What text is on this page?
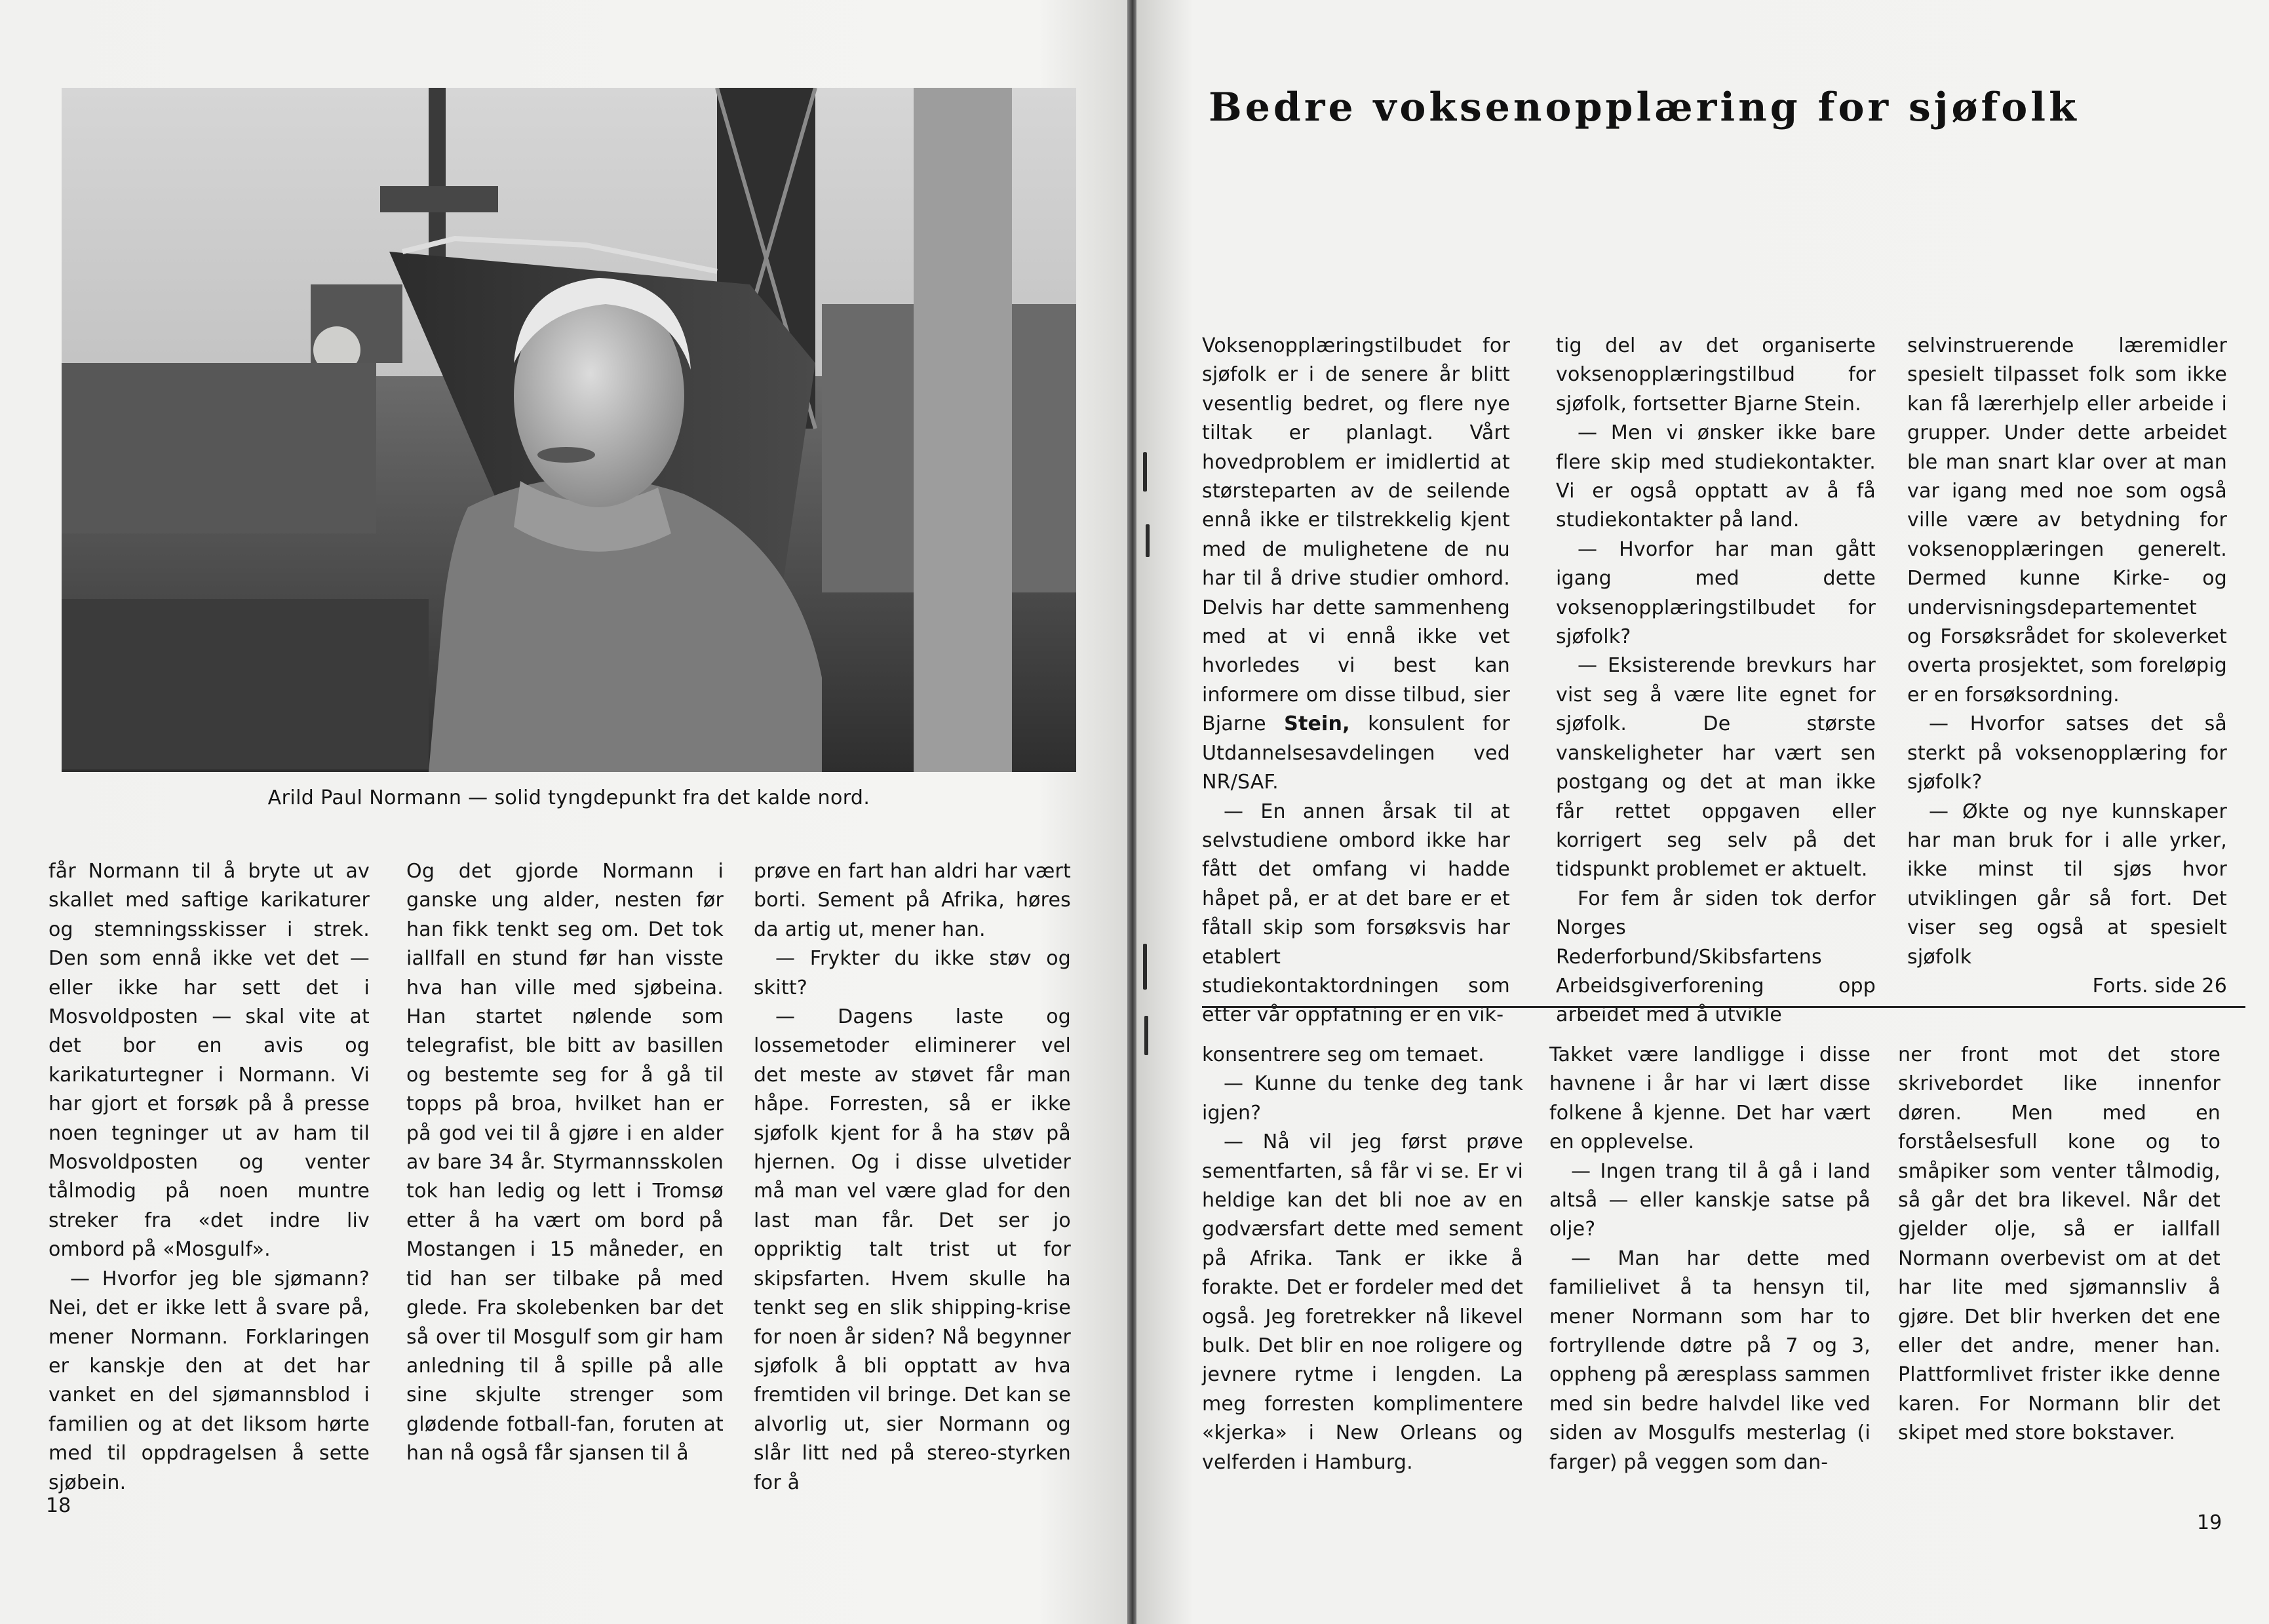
Arild Paul Normann — solid tyngdepunkt fra det kalde nord.

får Normann til å bryte ut av skallet med saftige karikaturer og stemningsskisser i strek. Den som ennå ikke vet det — eller ikke har sett det i Mosvoldposten — skal vite at det bor en avis og karikaturtegner i Normann. Vi har gjort et forsøk på å presse noen tegninger ut av ham til Mosvoldposten og venter tålmodig på noen muntre streker fra «det indre liv ombord på «Mosgulf».

— Hvorfor jeg ble sjømann? Nei, det er ikke lett å svare på, mener Normann. Forklaringen er kanskje den at det har vanket en del sjømannsblod i familien og at det liksom hørte med til oppdragelsen å sette sjøbein.

Og det gjorde Normann i ganske ung alder, nesten før han fikk tenkt seg om. Det tok iallfall en stund før han visste hva han ville med sjøbeina. Han startet nølende som telegrafist, ble bitt av basillen og bestemte seg for å gå til topps på broa, hvilket han er på god vei til å gjøre i en alder av bare 34 år. Styrmannsskolen tok han ledig og lett i Tromsø etter å ha vært om bord på Mostangen i 15 måneder, en tid han ser tilbake på med glede. Fra skolebenken bar det så over til Mosgulf som gir ham anledning til å spille på alle sine skjulte strenger som glødende fotball-fan, foruten at han nå også får sjansen til å

prøve en fart han aldri har vært borti. Sement på Afrika, høres da artig ut, mener han.

— Frykter du ikke støv og skitt?

— Dagens laste og lossemetoder eliminerer vel det meste av støvet får man håpe. Forresten, så er ikke sjøfolk kjent for å ha støv på hjernen. Og i disse ulvetider må man vel være glad for den last man får. Det ser jo oppriktig talt trist ut for skipsfarten. Hvem skulle ha tenkt seg en slik shipping-krise for noen år siden? Nå begynner sjøfolk å bli opptatt av hva fremtiden vil bringe. Det kan se alvorlig ut, sier Normann og slår litt ned på stereo-styrken for å

18
Bedre voksenopplæring for sjøfolk

Voksenopplæringstilbudet for sjøfolk er i de senere år blitt vesentlig bedret, og flere nye tiltak er planlagt. Vårt hovedproblem er imidlertid at størsteparten av de seilende ennå ikke er tilstrekkelig kjent med de mulighetene de nu har til å drive studier omhord. Delvis har dette sammenheng med at vi ennå ikke vet hvorledes vi best kan informere om disse tilbud, sier Bjarne Stein, konsulent for Utdannelsesavdelingen ved NR/SAF.

— En annen årsak til at selvstudiene ombord ikke har fått det omfang vi hadde håpet på, er at det bare er et fåtall skip som forsøksvis har etablert studiekontaktordningen som etter vår oppfatning er en vik-

tig del av det organiserte voksenopplæringstilbud for sjøfolk, fortsetter Bjarne Stein.

— Men vi ønsker ikke bare flere skip med studiekontakter. Vi er også opptatt av å få studiekontakter på land.

— Hvorfor har man gått igang med dette voksenopplæringstilbudet for sjøfolk?

— Eksisterende brevkurs har vist seg å være lite egnet for sjøfolk. De største vanskeligheter har vært sen postgang og det at man ikke får rettet oppgaven eller korrigert seg selv på det tidspunkt problemet er aktuelt.

For fem år siden tok derfor Norges Rederforbund/Skibsfartens Arbeidsgiverforening opp arbeidet med å utvikle

selvinstruerende læremidler spesielt tilpasset folk som ikke kan få lærerhjelp eller arbeide i grupper. Under dette arbeidet ble man snart klar over at man var igang med noe som også ville være av betydning for voksenopplæringen generelt. Dermed kunne Kirke- og undervisningsdepartementet og Forsøksrådet for skoleverket overta prosjektet, som foreløpig er en forsøksordning.

— Hvorfor satses det så sterkt på voksenopplæring for sjøfolk?

— Økte og nye kunnskaper har man bruk for i alle yrker, ikke minst til sjøs hvor utviklingen går så fort. Det viser seg også at spesielt sjøfolk

Forts. side 26

konsentrere seg om temaet.

— Kunne du tenke deg tank igjen?

— Nå vil jeg først prøve sementfarten, så får vi se. Er vi heldige kan det bli noe av en godværsfart dette med sement på Afrika. Tank er ikke å forakte. Det er fordeler med det også. Jeg foretrekker nå likevel bulk. Det blir en noe roligere og jevnere rytme i lengden. La meg forresten komplimentere «kjerka» i New Orleans og velferden i Hamburg.

Takket være landligge i disse havnene i år har vi lært disse folkene å kjenne. Det har vært en opplevelse.

— Ingen trang til å gå i land altså — eller kanskje satse på olje?

— Man har dette med familielivet å ta hensyn til, mener Normann som har to fortryllende døtre på 7 og 3, oppheng på æresplass sammen med sin bedre halvdel like ved siden av Mosgulfs mesterlag (i farger) på veggen som dan-

ner front mot det store skrivebordet like innenfor døren. Men med en forståelsesfull kone og to småpiker som venter tålmodig, så går det bra likevel. Når det gjelder olje, så er iallfall Normann overbevist om at det har lite med sjømannsliv å gjøre. Det blir hverken det ene eller det andre, mener han. Plattformlivet frister ikke denne karen. For Normann blir det skipet med store bokstaver.

19
